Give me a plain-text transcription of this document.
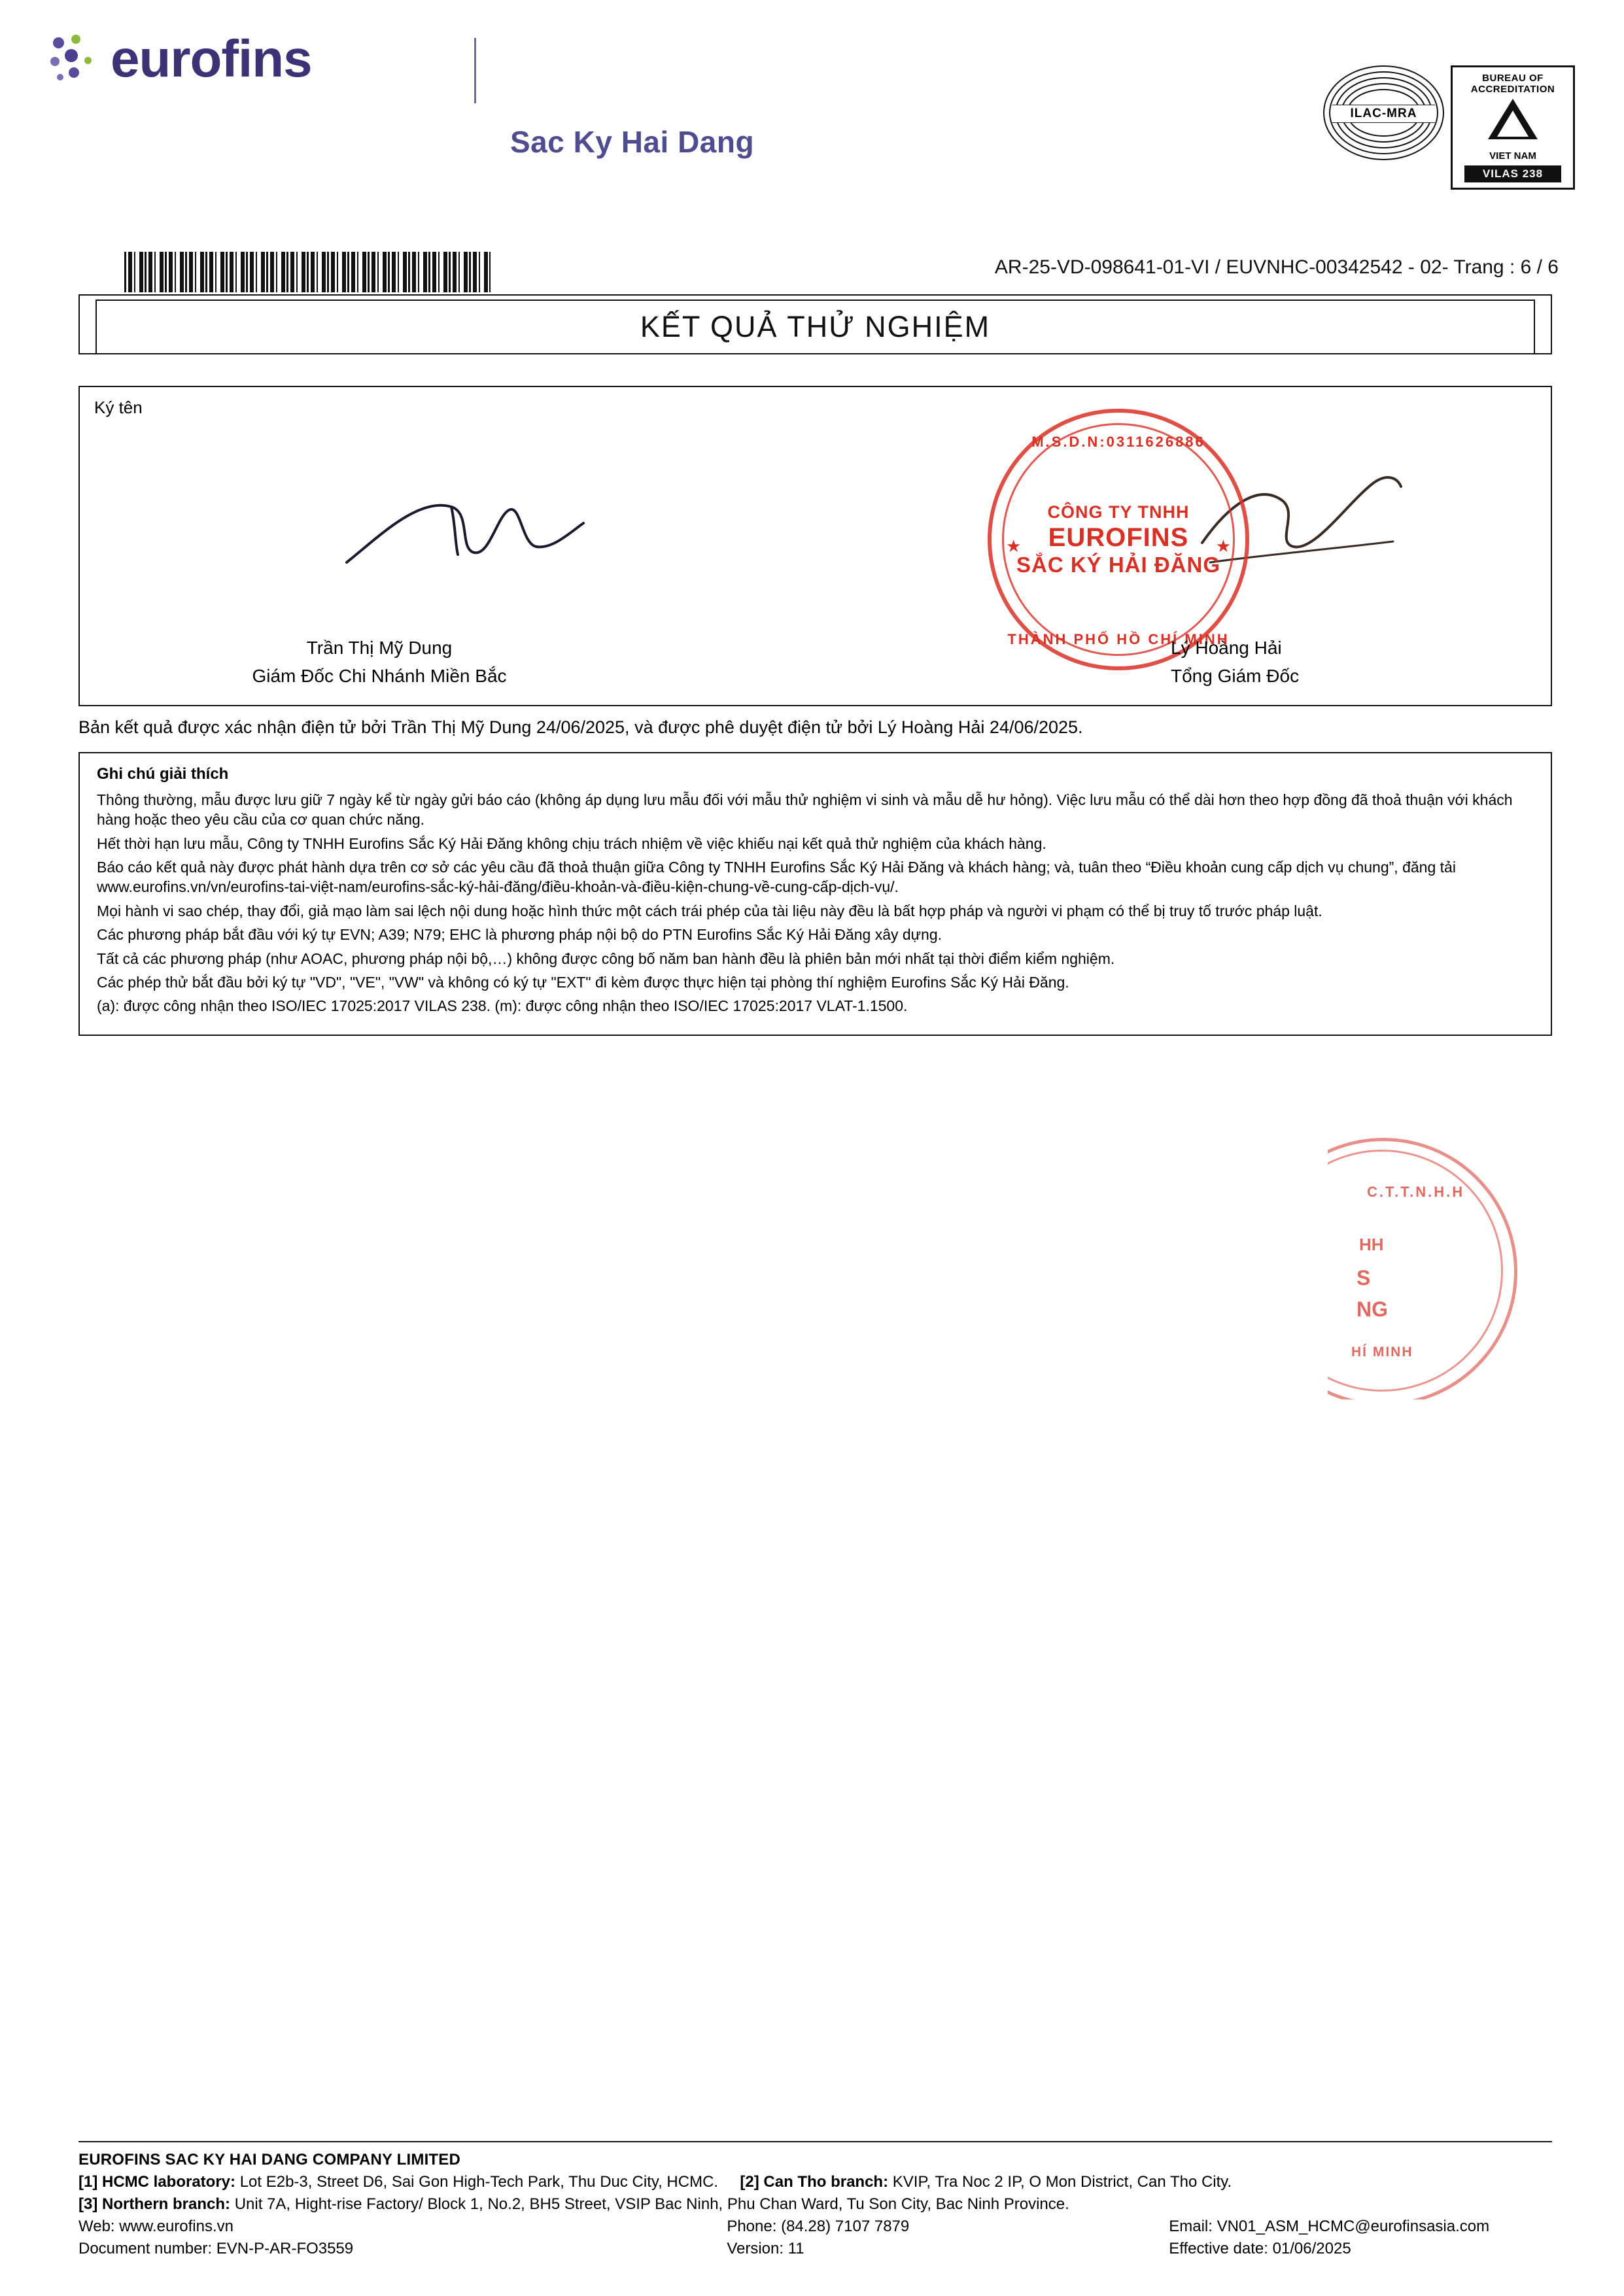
eurofins
Sac Ky Hai Dang
ILAC-MRA
BUREAU OF ACCREDITATION
VIET NAM
VILAS 238
AR-25-VD-098641-01-VI / EUVNHC-00342542 - 02- Trang : 6 / 6
KẾT QUẢ THỬ NGHIỆM
Ký tên
M.S.D.N:0311626886
★	★
CÔNG TY TNHH
EUROFINS
SẮC KÝ HẢI ĐĂNG
THÀNH PHỐ HỒ CHÍ MINH
Trần Thị Mỹ Dung
Giám Đốc Chi Nhánh Miền Bắc
Lý Hoàng Hải
Tổng Giám Đốc
Bản kết quả được xác nhận điện tử bởi Trần Thị Mỹ Dung 24/06/2025, và được phê duyệt điện tử bởi Lý Hoàng Hải 24/06/2025.
Ghi chú giải thích

Thông thường, mẫu được lưu giữ 7 ngày kể từ ngày gửi báo cáo (không áp dụng lưu mẫu đối với mẫu thử nghiệm vi sinh và mẫu dễ hư hỏng). Việc lưu mẫu có thể dài hơn theo hợp đồng đã thoả thuận với khách hàng hoặc theo yêu cầu của cơ quan chức năng.

Hết thời hạn lưu mẫu, Công ty TNHH Eurofins Sắc Ký Hải Đăng không chịu trách nhiệm về việc khiếu nại kết quả thử nghiệm của khách hàng.

Báo cáo kết quả này được phát hành dựa trên cơ sở các yêu cầu đã thoả thuận giữa Công ty TNHH Eurofins Sắc Ký Hải Đăng và khách hàng; và, tuân theo “Điều khoản cung cấp dịch vụ chung”, đăng tải www.eurofins.vn/vn/eurofins-tai-việt-nam/eurofins-sắc-ký-hải-đăng/điều-khoản-và-điều-kiện-chung-về-cung-cấp-dịch-vụ/.

Mọi hành vi sao chép, thay đổi, giả mạo làm sai lệch nội dung hoặc hình thức một cách trái phép của tài liệu này đều là bất hợp pháp và người vi phạm có thể bị truy tố trước pháp luật.

Các phương pháp bắt đầu với ký tự EVN; A39; N79; EHC là phương pháp nội bộ do PTN Eurofins Sắc Ký Hải Đăng xây dựng.

Tất cả các phương pháp (như AOAC, phương pháp nội bộ,…) không được công bố năm ban hành đều là phiên bản mới nhất tại thời điểm kiểm nghiệm.

Các phép thử bắt đầu bởi ký tự "VD", "VE", "VW" và không có ký tự "EXT" đi kèm được thực hiện tại phòng thí nghiệm Eurofins Sắc Ký Hải Đăng.

(a): được công nhận theo ISO/IEC 17025:2017 VILAS 238. (m): được công nhận theo ISO/IEC 17025:2017 VLAT-1.1500.

C.T.T.N.H.H
HH
S
NG
HÍ MINH
EUROFINS SAC KY HAI DANG COMPANY LIMITED
[1] HCMC laboratory: Lot E2b-3, Street D6, Sai Gon High-Tech Park, Thu Duc City, HCMC. [2] Can Tho branch: KVIP, Tra Noc 2 IP, O Mon District, Can Tho City.
[3] Northern branch: Unit 7A, Hight-rise Factory/ Block 1, No.2, BH5 Street, VSIP Bac Ninh, Phu Chan Ward, Tu Son City, Bac Ninh Province.
Web: www.eurofins.vn	Phone: (84.28) 7107 7879	Email: VN01_ASM_HCMC@eurofinsasia.com
Document number: EVN-P-AR-FO3559	Version: 11	Effective date: 01/06/2025
